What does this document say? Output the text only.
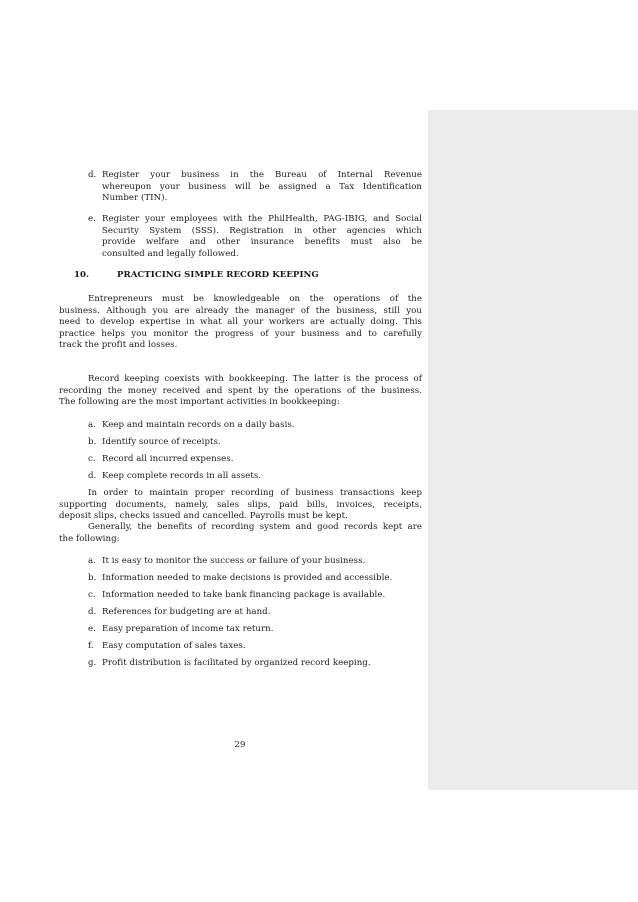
d. Register your business in the Bureau of Internal Revenue
whereupon your business will be assigned a Tax Identification
Number (TIN).
e. Register your employees with the PhilHealth, PAG-IBIG, and Social
Security System (SSS). Registration in other agencies which
provide welfare and other insurance benefits must also be
consulted and legally followed.
10.	PRACTICING SIMPLE RECORD KEEPING
Entrepreneurs must be knowledgeable on the operations of the
business. Although you are already the manager of the business, still you
need to develop expertise in what all your workers are actually doing. This
practice helps you monitor the progress of your business and to carefully
track the profit and losses.
Record keeping coexists with bookkeeping. The latter is the process of
recording the money received and spent by the operations of the business.
The following are the most important activities in bookkeeping:
a. Keep and maintain records on a daily basis.
b. Identify source of receipts.
c. Record all incurred expenses.
d. Keep complete records in all assets.
In order to maintain proper recording of business transactions keep
supporting documents, namely, sales slips, paid bills, invoices, receipts,
deposit slips, checks issued and cancelled. Payrolls must be kept.
Generally, the benefits of recording system and good records kept are
the following:
a. It is easy to monitor the success or failure of your business.
b. Information needed to make decisions is provided and accessible.
c. Information needed to take bank financing package is available.
d. References for budgeting are at hand.
e. Easy preparation of income tax return.
f. Easy computation of sales taxes.
g. Profit distribution is facilitated by organized record keeping.
29
